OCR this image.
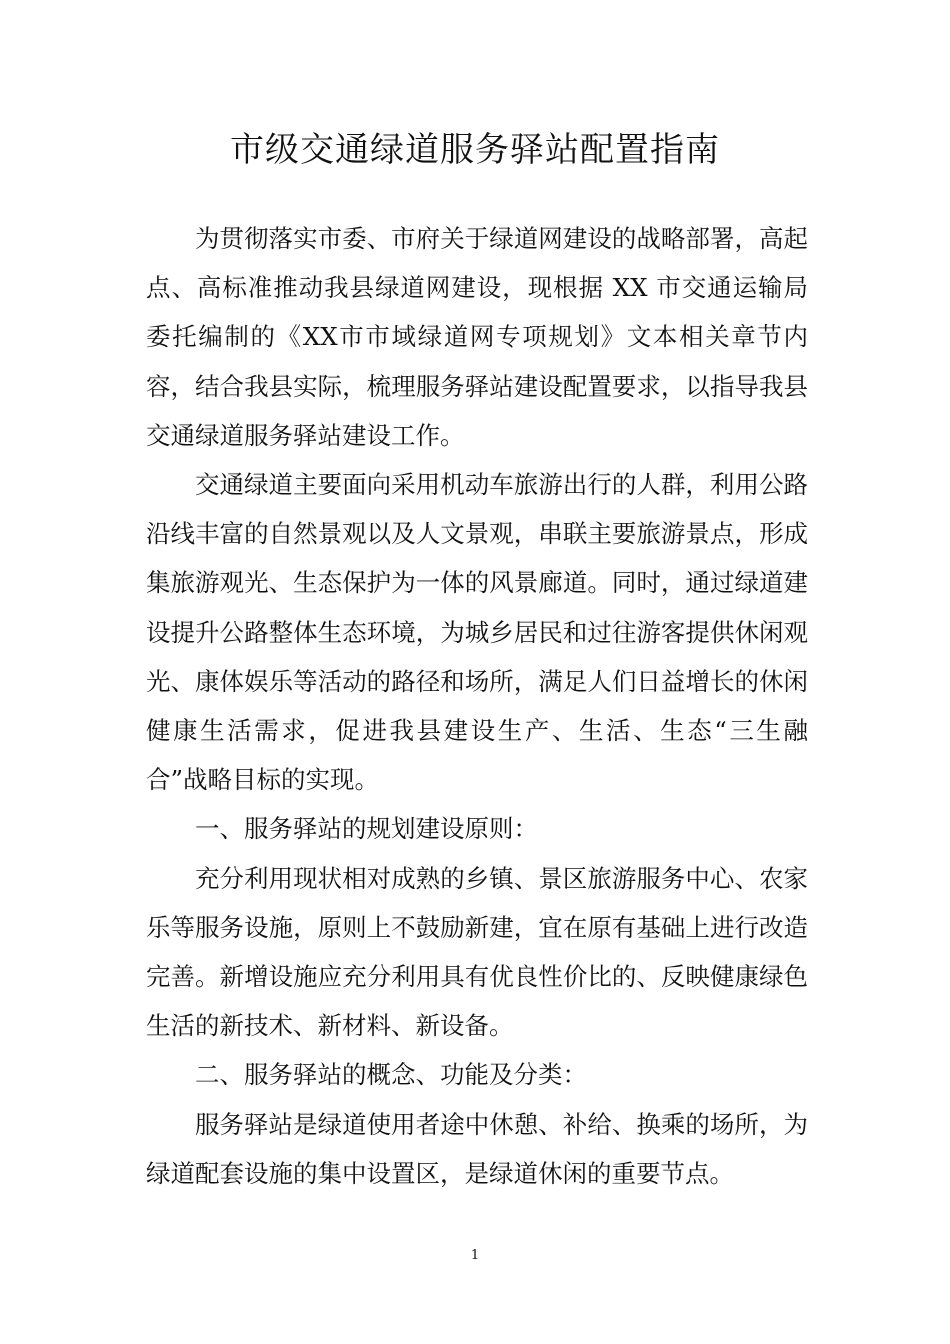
市级交通绿道服务驿站配置指南

为贯彻落实市委、市府关于绿道网建设的战略部署，高起点、高标准推动我县绿道网建设，现根据 XX 市交通运输局委托编制的《XX市市域绿道网专项规划》文本相关章节内容，结合我县实际，梳理服务驿站建设配置要求，以指导我县交通绿道服务驿站建设工作。

交通绿道主要面向采用机动车旅游出行的人群，利用公路沿线丰富的自然景观以及人文景观，串联主要旅游景点，形成集旅游观光、生态保护为一体的风景廊道。同时，通过绿道建设提升公路整体生态环境，为城乡居民和过往游客提供休闲观光、康体娱乐等活动的路径和场所，满足人们日益增长的休闲健康生活需求，促进我县建设生产、生活、生态“三生融合”战略目标的实现。

一、服务驿站的规划建设原则：

充分利用现状相对成熟的乡镇、景区旅游服务中心、农家乐等服务设施，原则上不鼓励新建，宜在原有基础上进行改造完善。新增设施应充分利用具有优良性价比的、反映健康绿色生活的新技术、新材料、新设备。

二、服务驿站的概念、功能及分类：

服务驿站是绿道使用者途中休憩、补给、换乘的场所，为绿道配套设施的集中设置区，是绿道休闲的重要节点。

1
